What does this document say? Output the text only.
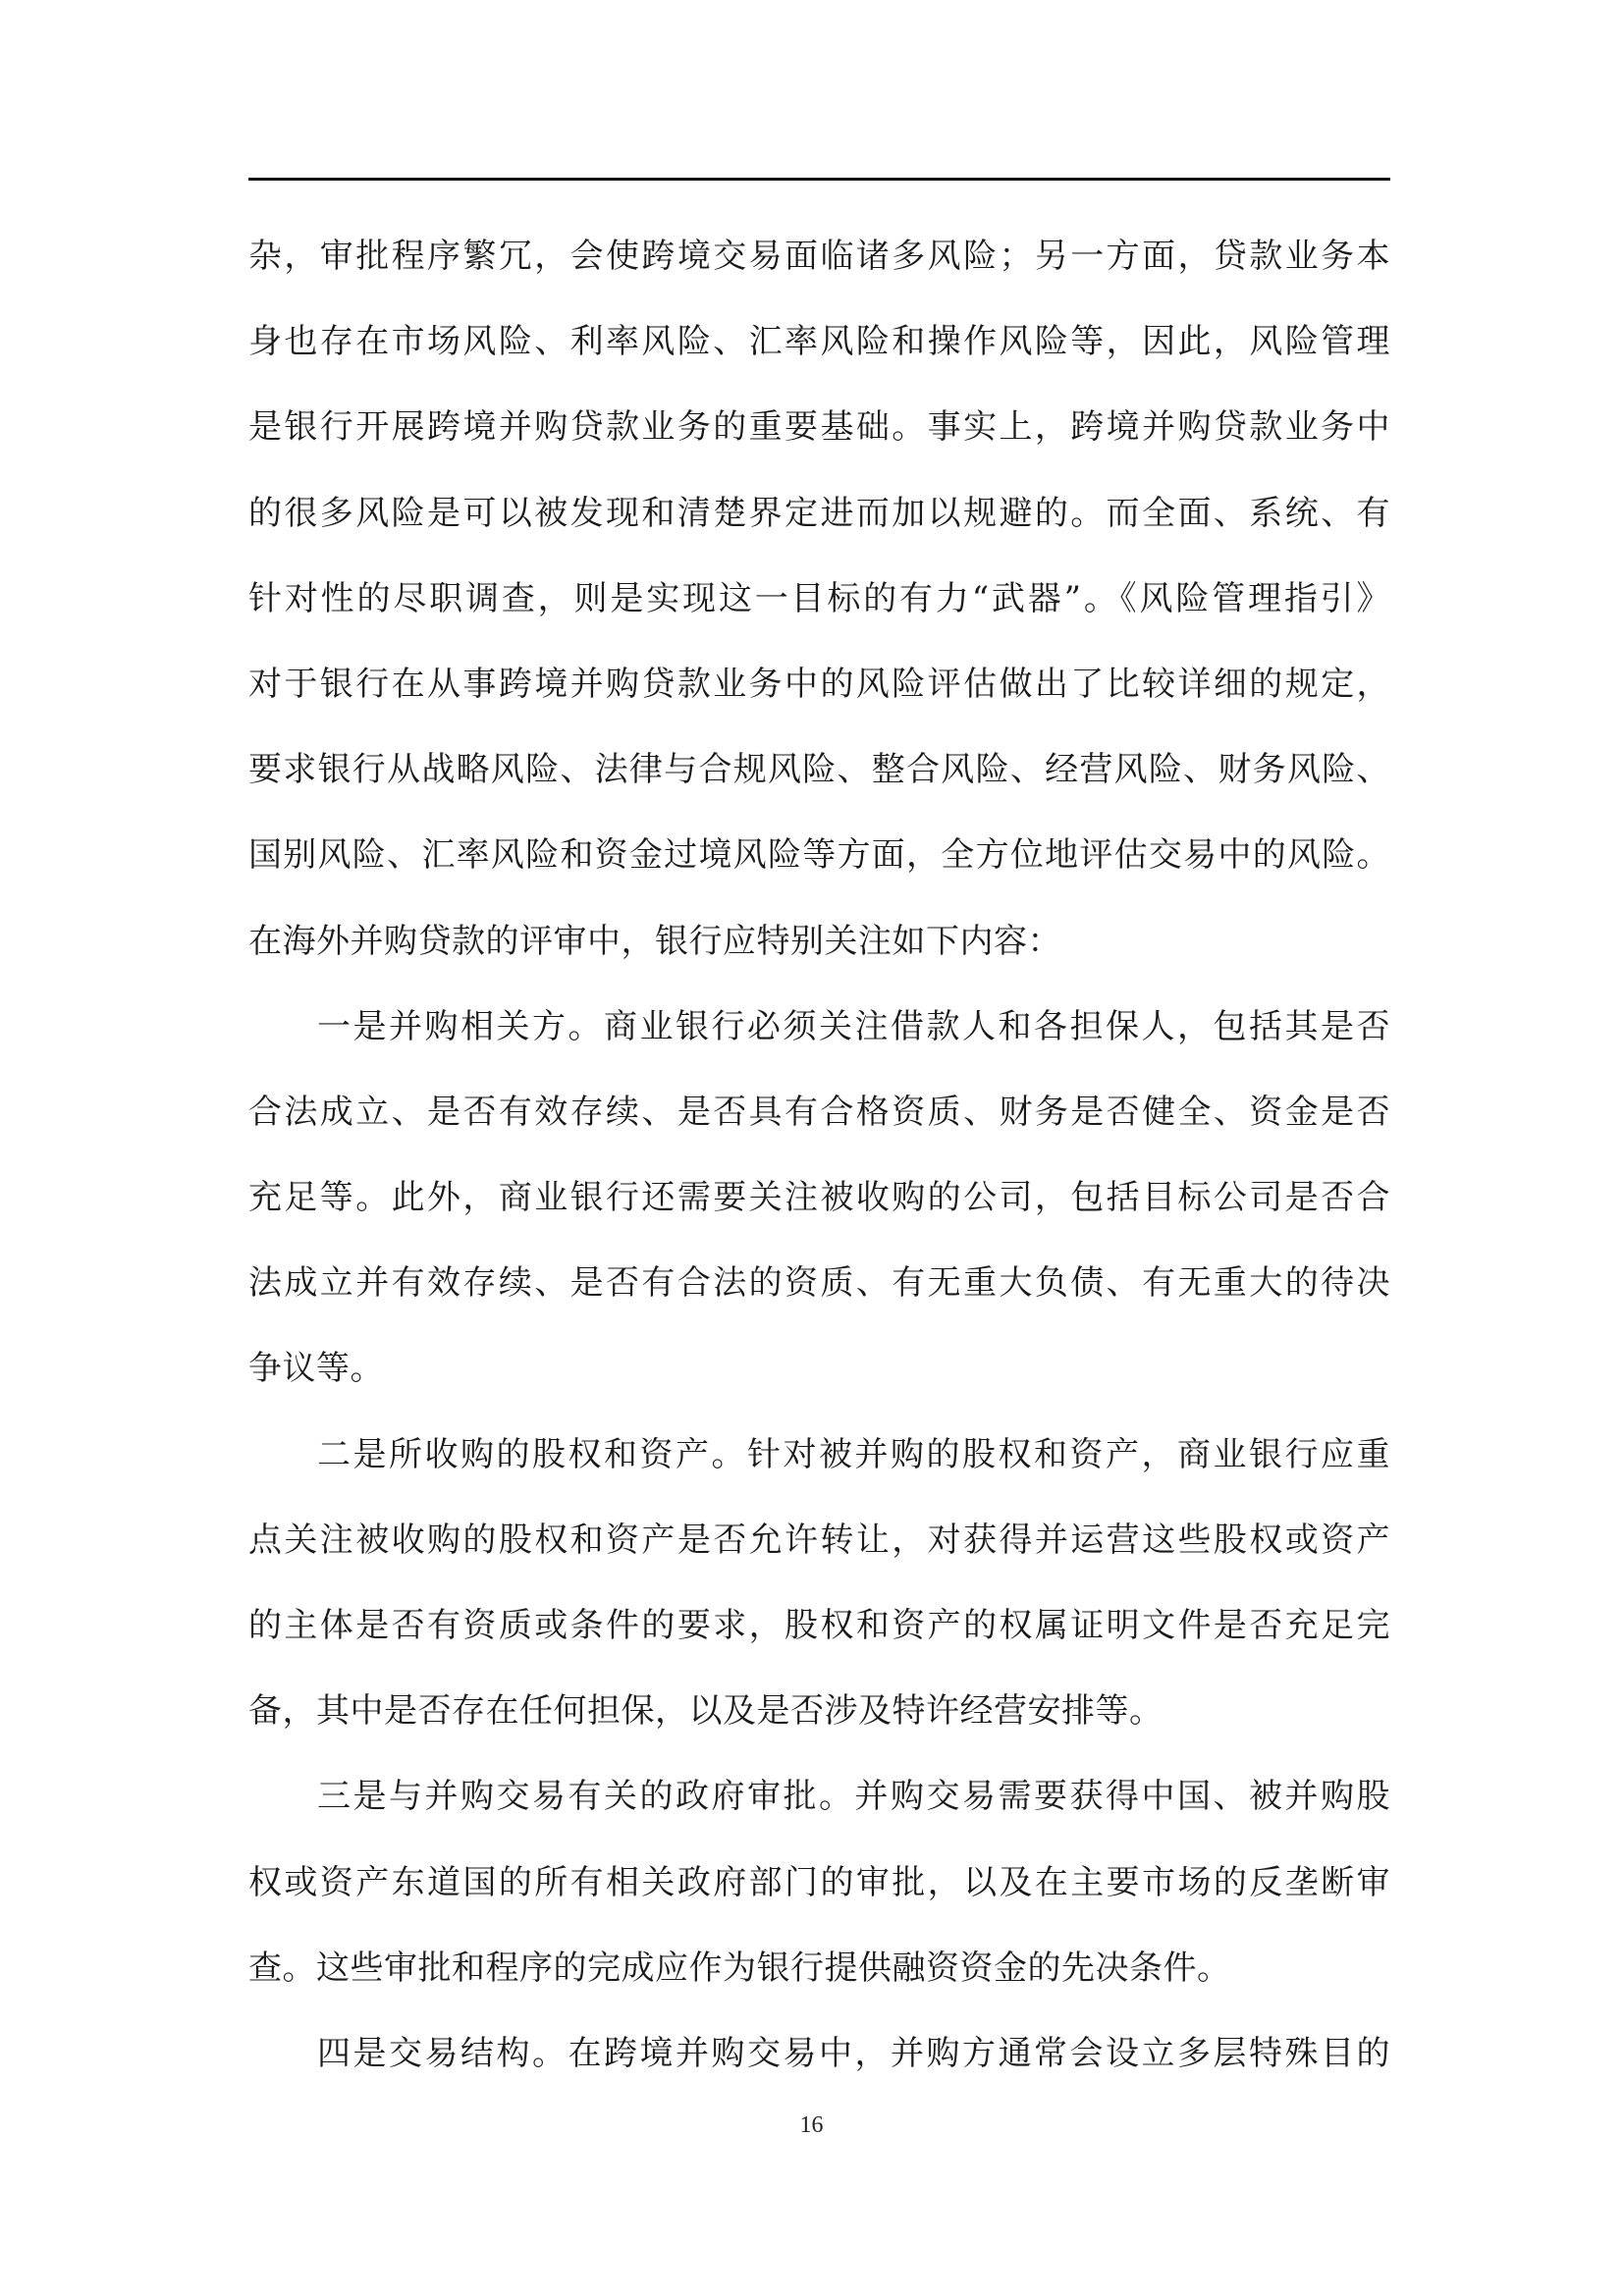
杂，审批程序繁冗，会使跨境交易面临诸多风险；另一方面，贷款业务本
身也存在市场风险、利率风险、汇率风险和操作风险等，因此，风险管理
是银行开展跨境并购贷款业务的重要基础。事实上，跨境并购贷款业务中
的很多风险是可以被发现和清楚界定进而加以规避的。而全面、系统、有
针对性的尽职调查，则是实现这一目标的有力“武器”。《风险管理指引》
对于银行在从事跨境并购贷款业务中的风险评估做出了比较详细的规定，
要求银行从战略风险、法律与合规风险、整合风险、经营风险、财务风险、
国别风险、汇率风险和资金过境风险等方面，全方位地评估交易中的风险。
在海外并购贷款的评审中，银行应特别关注如下内容：
一是并购相关方。商业银行必须关注借款人和各担保人，包括其是否
合法成立、是否有效存续、是否具有合格资质、财务是否健全、资金是否
充足等。此外，商业银行还需要关注被收购的公司，包括目标公司是否合
法成立并有效存续、是否有合法的资质、有无重大负债、有无重大的待决
争议等。
二是所收购的股权和资产。针对被并购的股权和资产，商业银行应重
点关注被收购的股权和资产是否允许转让，对获得并运营这些股权或资产
的主体是否有资质或条件的要求，股权和资产的权属证明文件是否充足完
备，其中是否存在任何担保，以及是否涉及特许经营安排等。
三是与并购交易有关的政府审批。并购交易需要获得中国、被并购股
权或资产东道国的所有相关政府部门的审批，以及在主要市场的反垄断审
查。这些审批和程序的完成应作为银行提供融资资金的先决条件。
四是交易结构。在跨境并购交易中，并购方通常会设立多层特殊目的
16
